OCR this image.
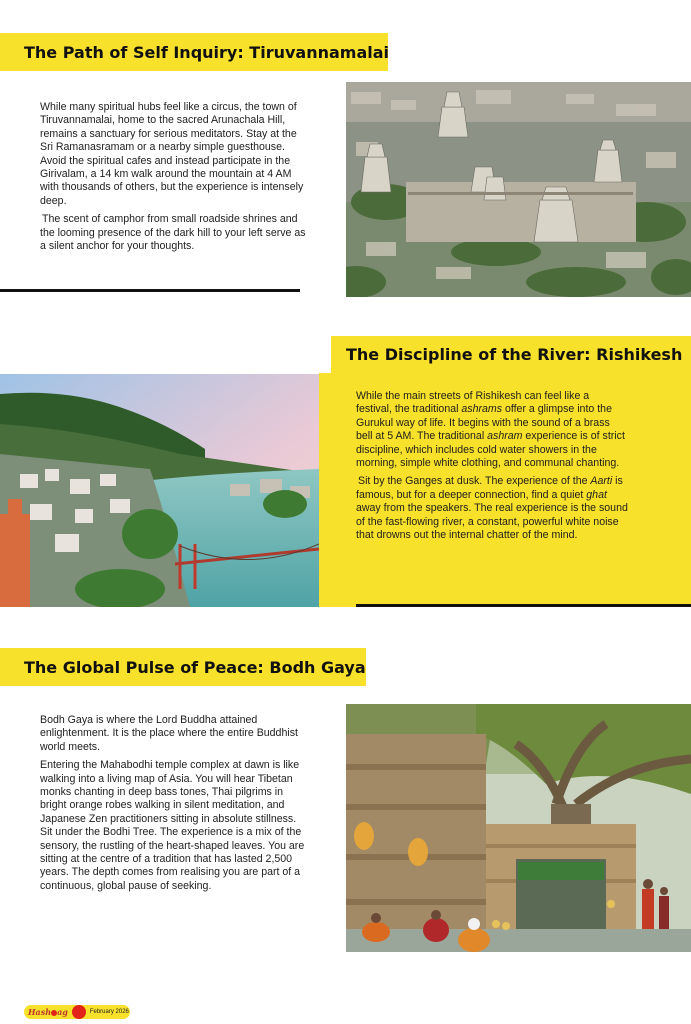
The Path of Self Inquiry: Tiruvannamalai

While many spiritual hubs feel like a circus, the town of Tiruvannamalai, home to the sacred Arunachala Hill, remains a sanctuary for serious meditators. Stay at the Sri Ramanasramam or a nearby simple guesthouse. Avoid the spiritual cafes and instead participate in the Girivalam, a 14 km walk around the mountain at 4 AM with thousands of others, but the experience is intensely deep.

The scent of camphor from small roadside shrines and the looming presence of the dark hill to your left serve as a silent anchor for your thoughts.

The Discipline of the River: Rishikesh

While the main streets of Rishikesh can feel like a festival, the traditional ashrams offer a glimpse into the Gurukul way of life. It begins with the sound of a brass bell at 5 AM. The traditional ashram experience is of strict discipline, which includes cold water showers in the morning, simple white clothing, and communal chanting.

Sit by the Ganges at dusk. The experience of the Aarti is famous, but for a deeper connection, find a quiet ghat away from the speakers. The real experience is the sound of the fast-flowing river, a constant, powerful white noise that drowns out the internal chatter of the mind.

The Global Pulse of Peace: Bodh Gaya

Bodh Gaya is where the Lord Buddha attained enlightenment. It is the place where the entire Buddhist world meets.

Entering the Mahabodhi temple complex at dawn is like walking into a living map of Asia. You will hear Tibetan monks chanting in deep bass tones, Thai pilgrims in bright orange robes walking in silent meditation, and Japanese Zen practitioners sitting in absolute stillness.

Sit under the Bodhi Tree. The experience is a mix of the sensory, the rustling of the heart-shaped leaves. You are sitting at the centre of a tradition that has lasted 2,500 years. The depth comes from realising you are part of a continuous, global pause of seeking.

Hash ag	February 2026
